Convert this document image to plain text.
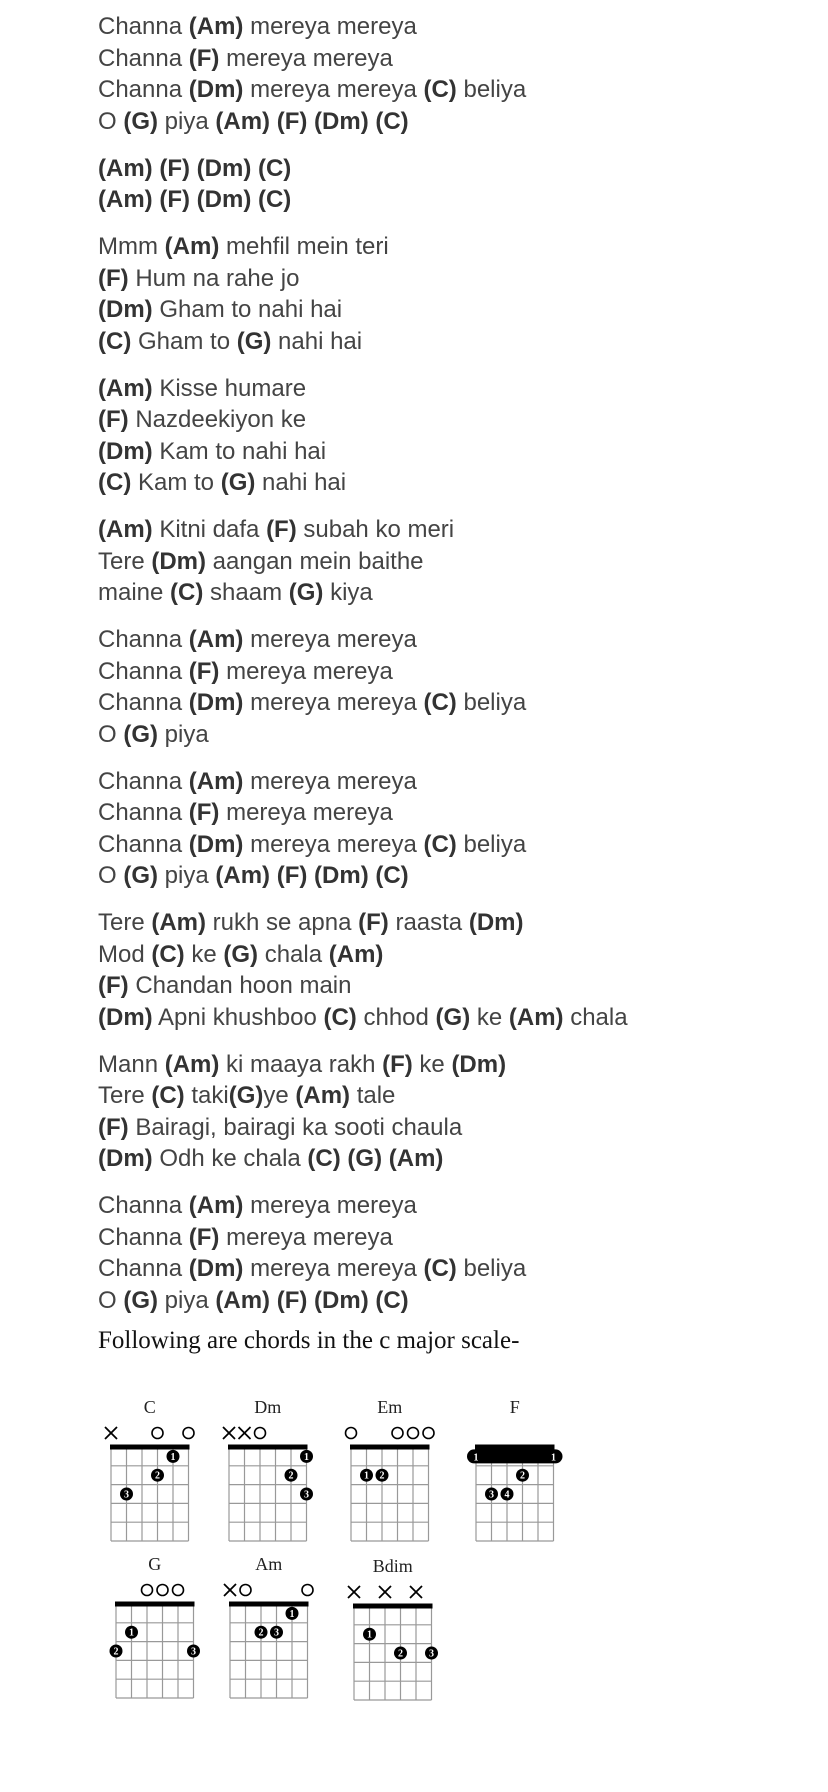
Channa (Am) mereya mereya
Channa (F) mereya mereya
Channa (Dm) mereya mereya (C) beliya
O (G) piya (Am) (F) (Dm) (C)
(Am) (F) (Dm) (C)
(Am) (F) (Dm) (C)
Mmm (Am) mehfil mein teri
(F) Hum na rahe jo
(Dm) Gham to nahi hai
(C) Gham to (G) nahi hai
(Am) Kisse humare
(F) Nazdeekiyon ke
(Dm) Kam to nahi hai
(C) Kam to (G) nahi hai
(Am) Kitni dafa (F) subah ko meri
Tere (Dm) aangan mein baithe
maine (C) shaam (G) kiya
Channa (Am) mereya mereya
Channa (F) mereya mereya
Channa (Dm) mereya mereya (C) beliya
O (G) piya
Channa (Am) mereya mereya
Channa (F) mereya mereya
Channa (Dm) mereya mereya (C) beliya
O (G) piya (Am) (F) (Dm) (C)
Tere (Am) rukh se apna (F) raasta (Dm)
Mod (C) ke (G) chala (Am)
(F) Chandan hoon main
(Dm) Apni khushboo (C) chhod (G) ke (Am) chala
Mann (Am) ki maaya rakh (F) ke (Dm)
Tere (C) taki(G)ye (Am) tale
(F) Bairagi, bairagi ka sooti chaula
(Dm) Odh ke chala (C) (G) (Am)
Channa (Am) mereya mereya
Channa (F) mereya mereya
Channa (Dm) mereya mereya (C) beliya
O (G) piya (Am) (F) (Dm) (C)
Following are chords in the c major scale-
C
1
2
3
Dm
1
2
3
Em
1 2
F
1	1
2
3 4
G
1
2	3
Am
1
2 3
Bdim
1
2	3
